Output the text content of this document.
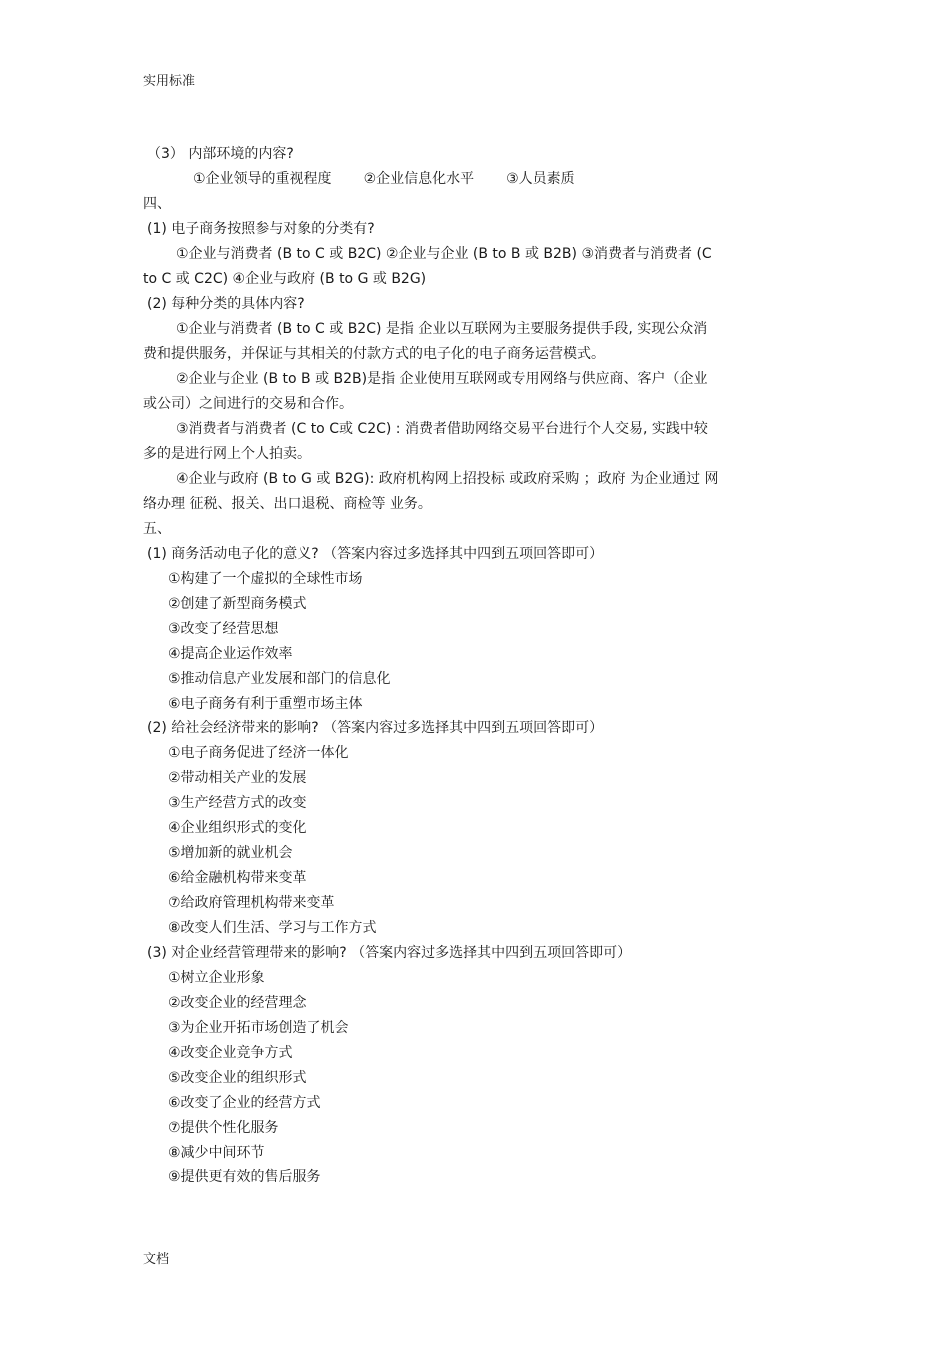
实用标准
（3） 内部环境的内容?
①企业领导的重视程度 ②企业信息化水平 ③人员素质
四、
(1) 电子商务按照参与对象的分类有?
①企业与消费者 (B to C 或 B2C) ②企业与企业 (B to B 或 B2B) ③消费者与消费者 (C
to C 或 C2C) ④企业与政府 (B to G 或 B2G)
(2) 每种分类的具体内容?
①企业与消费者 (B to C 或 B2C) 是指 企业以互联网为主要服务提供手段, 实现公众消
费和提供服务，并保证与其相关的付款方式的电子化的电子商务运营模式。
②企业与企业 (B to B 或 B2B)是指 企业使用互联网或专用网络与供应商、客户（企业
或公司）之间进行的交易和合作。
③消费者与消费者 (C to C或 C2C) : 消费者借助网络交易平台进行个人交易, 实践中较
多的是进行网上个人拍卖。
④企业与政府 (B to G 或 B2G): 政府机构网上招投标 或政府采购 ；政府 为企业通过 网
络办理 征税、报关、出口退税、商检等 业务。
五、
(1) 商务活动电子化的意义? （答案内容过多选择其中四到五项回答即可）
①构建了一个虚拟的全球性市场
②创建了新型商务模式
③改变了经营思想
④提高企业运作效率
⑤推动信息产业发展和部门的信息化
⑥电子商务有利于重塑市场主体
(2) 给社会经济带来的影响? （答案内容过多选择其中四到五项回答即可）
①电子商务促进了经济一体化
②带动相关产业的发展
③生产经营方式的改变
④企业组织形式的变化
⑤增加新的就业机会
⑥给金融机构带来变革
⑦给政府管理机构带来变革
⑧改变人们生活、学习与工作方式
(3) 对企业经营管理带来的影响? （答案内容过多选择其中四到五项回答即可）
①树立企业形象
②改变企业的经营理念
③为企业开拓市场创造了机会
④改变企业竞争方式
⑤改变企业的组织形式
⑥改变了企业的经营方式
⑦提供个性化服务
⑧减少中间环节
⑨提供更有效的售后服务
文档
